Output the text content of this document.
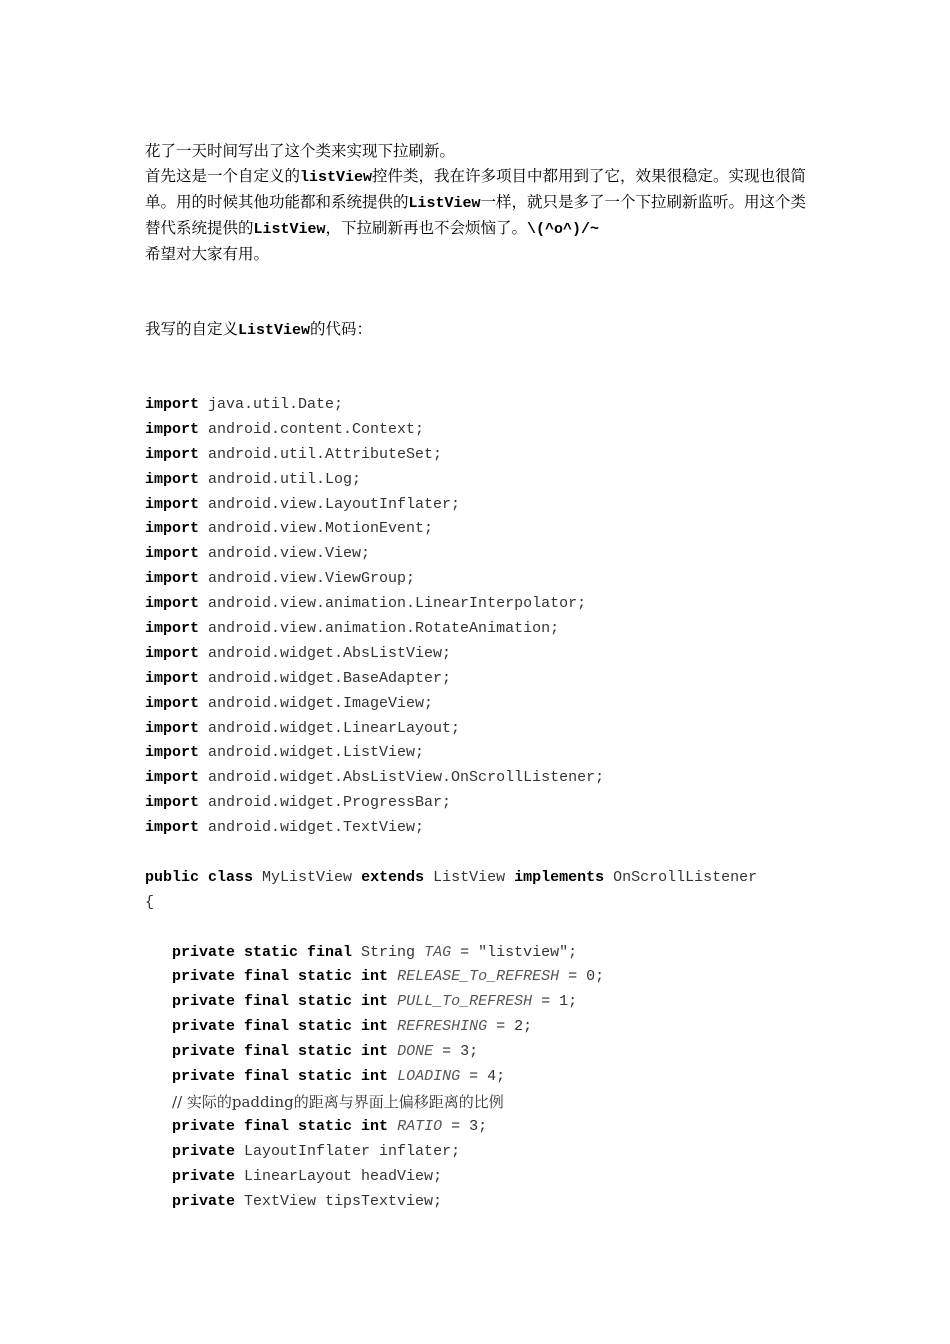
花了一天时间写出了这个类来实现下拉刷新。

首先这是一个自定义的listView控件类，我在许多项目中都用到了它，效果很稳定。实现也很简单。用的时候其他功能都和系统提供的ListView一样，就只是多了一个下拉刷新监听。用这个类替代系统提供的ListView，下拉刷新再也不会烦恼了。\(^o^)/~

希望对大家有用。

我写的自定义ListView的代码：

import java.util.Date;
import android.content.Context;
import android.util.AttributeSet;
import android.util.Log;
import android.view.LayoutInflater;
import android.view.MotionEvent;
import android.view.View;
import android.view.ViewGroup;
import android.view.animation.LinearInterpolator;
import android.view.animation.RotateAnimation;
import android.widget.AbsListView;
import android.widget.BaseAdapter;
import android.widget.ImageView;
import android.widget.LinearLayout;
import android.widget.ListView;
import android.widget.AbsListView.OnScrollListener;
import android.widget.ProgressBar;
import android.widget.TextView;
public class MyListView extends ListView implements OnScrollListener
{
private static final String TAG = "listview";
private final static int RELEASE_To_REFRESH = 0;
private final static int PULL_To_REFRESH = 1;
private final static int REFRESHING = 2;
private final static int DONE = 3;
private final static int LOADING = 4;
// 实际的padding的距离与界面上偏移距离的比例
private final static int RATIO = 3;
private LayoutInflater inflater;
private LinearLayout headView;
private TextView tipsTextview;
